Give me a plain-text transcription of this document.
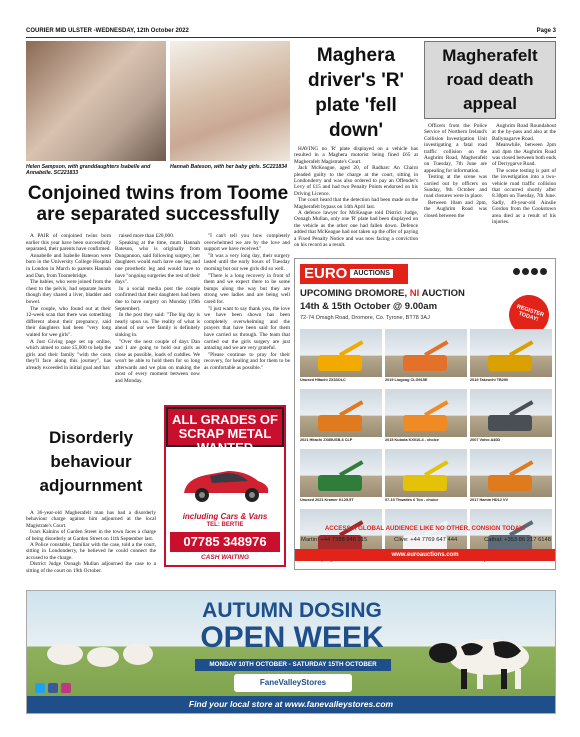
COURIER MID ULSTER -WEDNESDAY, 12th October 2022	Page 3
Helen Sampson, with granddaughters Isabelle and Annabelle. SC221833
Hannah Bateson, with her baby girls. SC221834
Conjoined twins from Toome are separated successfully

A PAIR of conjoined twins born earlier this year have been successfully separated, their parents have confirmed.

Annabelle and Isabelle Bateson were born in the University College Hospital in London in March to parents Hannah and Dan, from Toomebridge.

The babies, who were joined from the chest to the pelvis, had separate hearts though they shared a liver, bladder and bowel.

The couple, who found out at their 12-week scan that there was something different about their pregnancy, said their daughters had been "very long waited for wee girls".

A Just Giving page set up online, which aimed to raise £5,000 to help the girls and their family "with the costs they'll face along this journey", has already exceeded in initial goal and has

raised more than £20,000.

Speaking at the time, mum Hannah Bateson, who is originally from Dungannon, said following surgery, her daughters would each have one leg and one prosthetic leg and would have to have "ongoing surgeries the rest of their days".

In a social media post the couple confirmed that their daughters had been due to have surgery on Monday (19th September).

In the post they said: "The big day is nearly upon us. The reality of what is ahead of our wee family is definitely sinking in.

"Over the next couple of days Dan and I are going to hold our girls as close as possible, loads of cuddles. We won't be able to hold them for so long afterwards and we plan on making the most of every moment between now and Monday.

"I can't tell you how completely overwhelmed we are by the love and support we have received."

"It was a very long day, their surgery lasted until the early hours of Tuesday morning but our wee girls did so well.

"There is a long recovery in front of them and we expect there to be some bumps along the way but they are strong wee ladies and are being well cared for.

"I just want to say thank you, the love we have been shown has been completely overwhelming and the prayers that have been said for them have carried us through. The team that carried out the girls surgery are just amazing and we are very grateful.

"Please continue to pray for their recovery, for healing and for them to be as comfortable as possible."

Maghera driver's 'R' plate 'fell down'

HAVING no 'R' plate displayed on a vehicle has resulted in a Maghera motorist being fined £65 at Magherafelt Magistrate's Court.

Jack McKeague, aged 20, of Radharc An Chairn pleaded guilty to the charge at the court, sitting in Londonderry and was also ordered to pay an Offender's Levy of £15 and had two Penalty Points endorsed on his Driving Licence.

The court heard that the detection had been made on the Magherafelt bypass on 14th April last.

A defence lawyer for McKeague told District Judge, Oonagh Mullan, only one 'R' plate had been displayed on the vehicle as the other one had fallen down. Defence added that McKeague had not taken up the offer of paying a Fixed Penalty Notice and was now facing a conviction on his record as a result.

Magherafelt road death appeal

Officers from the Police Service of Northern Ireland's Collision Investigation Unit investigating a fatal road traffic collision on the Aughrim Road, Magherafelt on Tuesday, 7th June are appealing for information.

Testing at the scene was carried out by officers on Sunday, 9th October and road closures were in place.

Between 10am and 2pm, the Aughrim Road was closed between the

Aughrim Road Roundabout at the by-pass and also at the Ballynagarve Road.

Meanwhile, between 2pm and 4pm the Aughrim Road was closed between both ends of Derrygarve Road.

The scene testing is part of the investigation into a two-vehicle road traffic collision that occurred shortly after 8.30pm on Tuesday, 7th June. Sadly, 49-year-old Ainslie Gordon from the Cookstown area died as a result of his injuries.

Disorderly behaviour adjournment

A 36-year-old Magherafelt man has had a disorderly behaviour charge against him adjourned at the local Magistrate's Court.

Ivars Kalnins of Garden Street in the town faces a charge of being disorderly at Garden Street on 11th September last.

A Police constable, familiar with the case, told a the court, sitting in Londonderry, he believed he could connect the accused to the charge.

District Judge Oonagh Mullan adjourned the case to a sitting of the court on 19th October.

ALL GRADES OF SCRAP METAL WANTED
including Cars & Vans
TEL: BERTIE
07785 348976
CASH WAITING
EURO AUCTIONS
UPCOMING DROMORE, NI AUCTION
14th & 15th October @ 9.00am
72-74 Omagh Road, Dromore, Co. Tyrone, BT78 3AJ	REGISTER TODAY!
Unused Hitachi ZX33OLC	2019 Liugong CLG915E	2019 Takeuchi TB290
2021 Hitachi ZX85USB-6 CLP	2015 Kubota KX016-4 - choice	2007 Volvo A40D
Unused 2021 Kramer KL25.5T	07-15 Thwaites 6 Ton - choice	2017 Hamm HD12 VV
ACCESS A GLOBAL AUDIENCE LIKE NO OTHER, CONSIGN TODAY!
Martin: +44 7388 948 915	Clive: +44 7769 647 444	Cathal: +353 86 217 6148
www.euroauctions.com
AUTUMN DOSING
OPEN WEEK
MONDAY 10TH OCTOBER - SATURDAY 15TH OCTOBER
FaneValleyStores
Find your local store at www.fanevalleystores.com
